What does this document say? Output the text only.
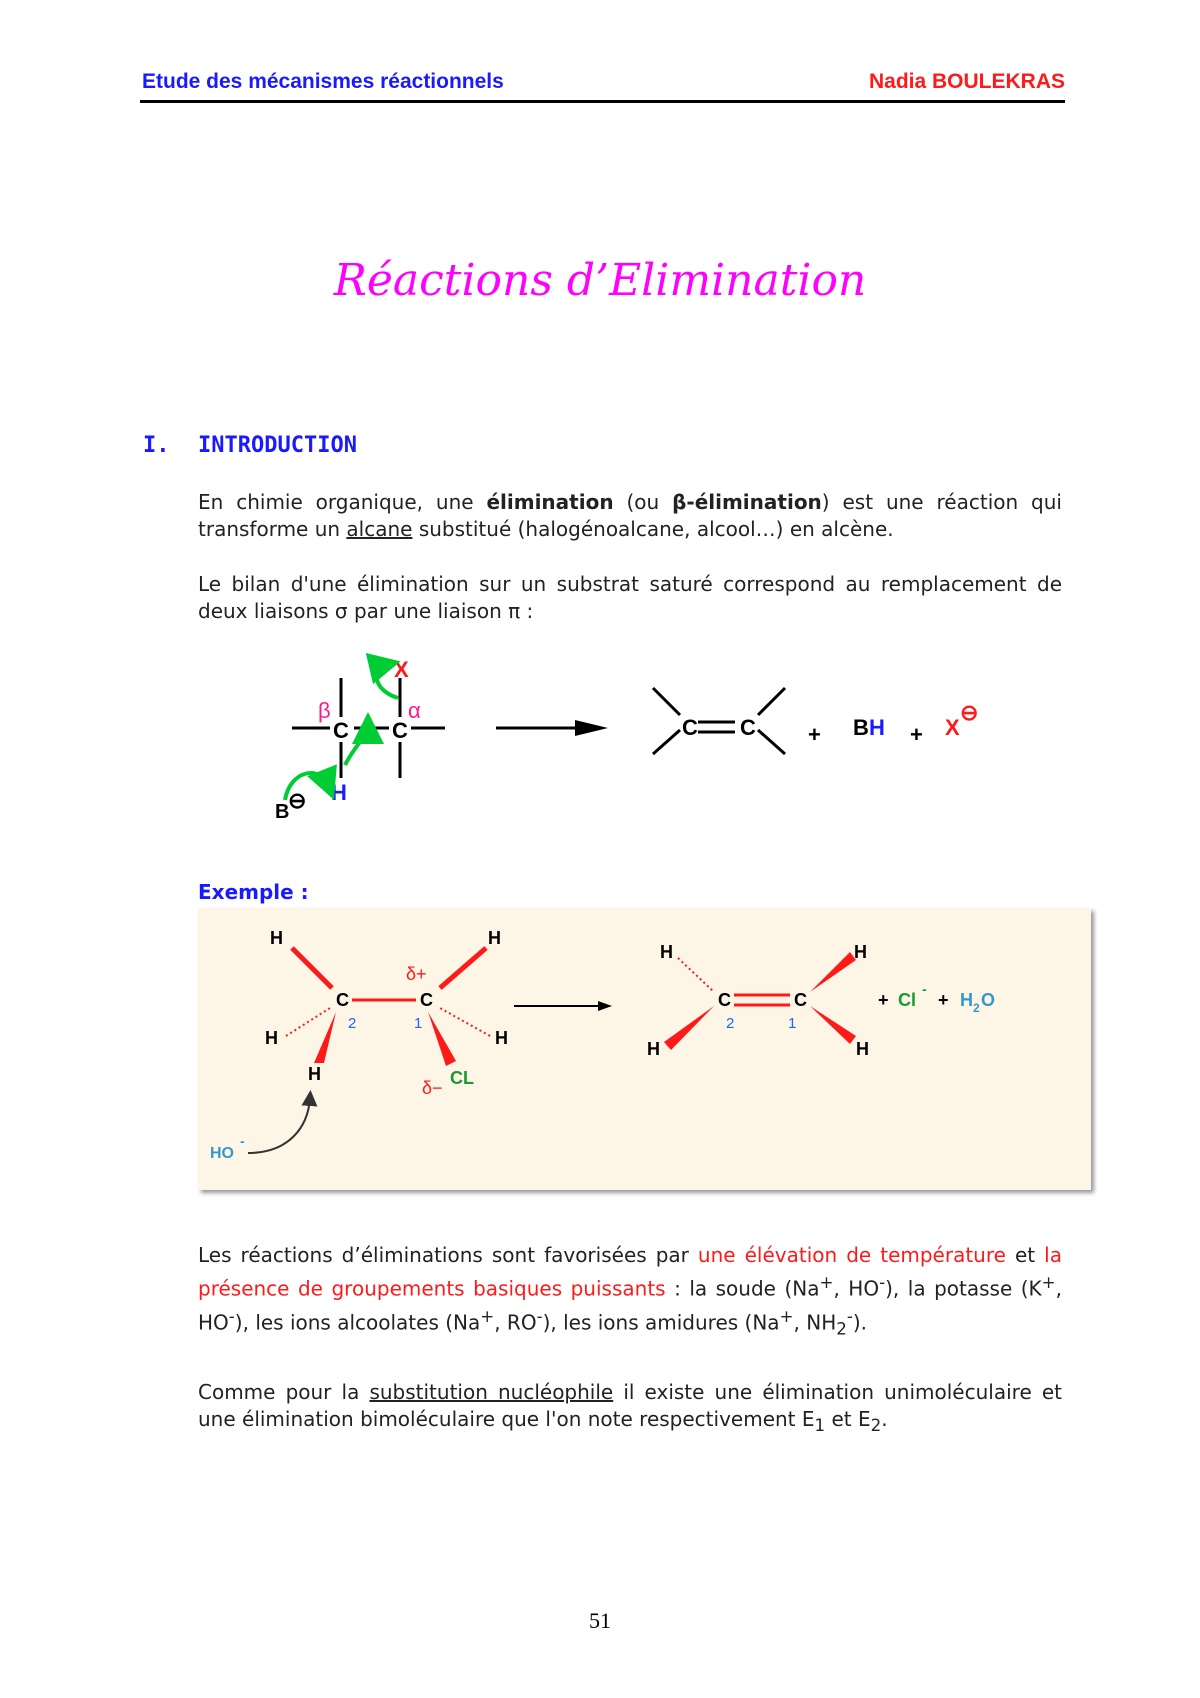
Etude des mécanismes réactionnels	Nadia BOULEKRAS
Réactions d’Elimination
I. INTRODUCTION
En chimie organique, une élimination (ou β-élimination) est une réaction qui transforme un alcane substitué (halogénoalcane, alcool…) en alcène.
Le bilan d'une élimination sur un substrat saturé correspond au remplacement de deux liaisons σ par une liaison π :
β	α
C C
X
H
B
⊖
C C + B H + X
⊖
Exemple :
H	H
C	C
δ+
2	1
H	H
H	CL
δ−
HO
-
H	H
C	C
2	1
H	H
+ Cl
-
+ H 2 O
Les réactions d’éliminations sont favorisées par une élévation de température et la présence de groupements basiques puissants : la soude (Na+, HO-), la potasse (K+, HO-), les ions alcoolates (Na+, RO-), les ions amidures (Na+, $NH_2^-$).
Comme pour la substitution nucléophile il existe une élimination unimoléculaire et une élimination bimoléculaire que l'on note respectivement $E_1$ et $E_2$.
51
